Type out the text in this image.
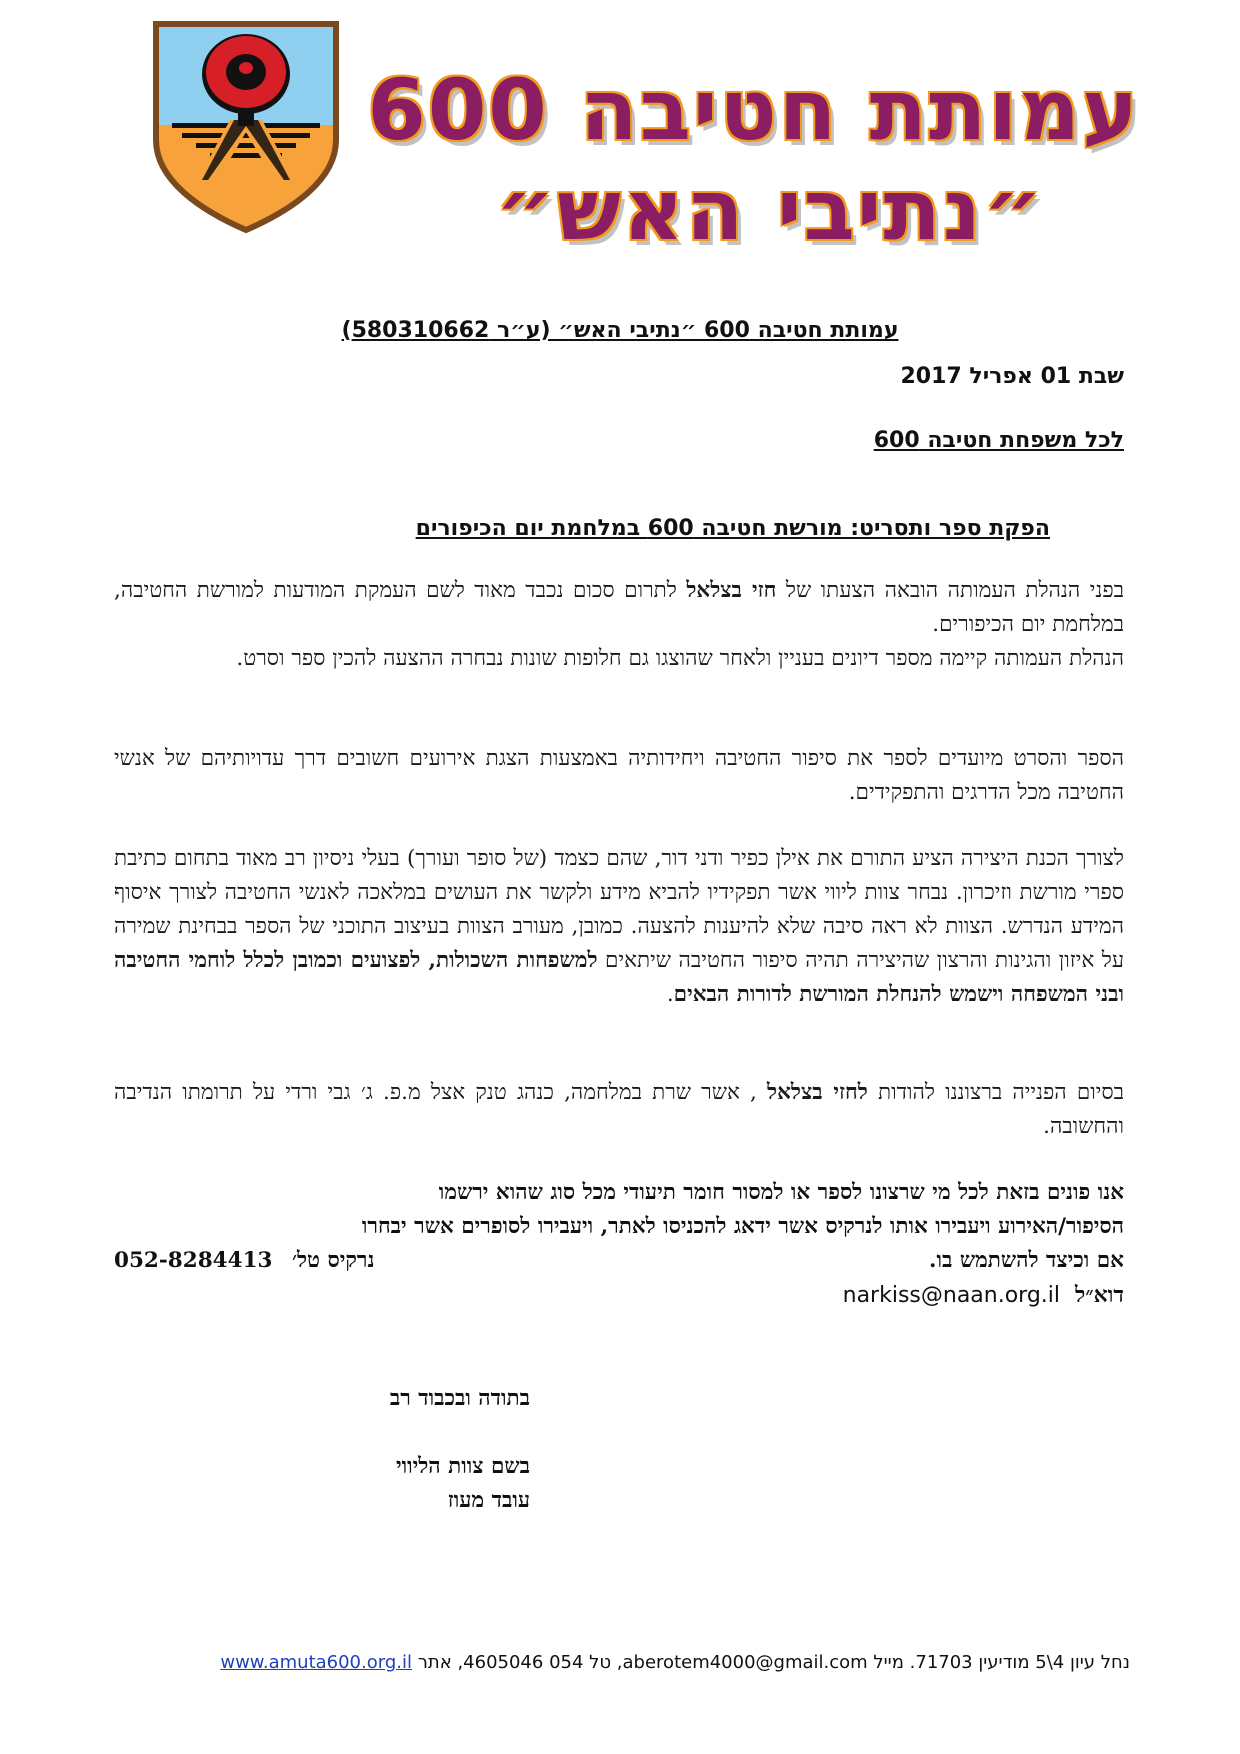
עמותת חטיבה 600
״נתיבי האש״
עמותת חטיבה 600 ״נתיבי האש״ (ע״ר 580310662)
שבת 01 אפריל 2017
לכל משפחת חטיבה 600
הפקת ספר ותסריט: מורשת חטיבה 600 במלחמת יום הכיפורים

בפני הנהלת העמותה הובאה הצעתו של חזי בצלאל לתרום סכום נכבד מאוד לשם העמקת המודעות למורשת החטיבה, במלחמת יום הכיפורים.

הנהלת העמותה קיימה מספר דיונים בעניין ולאחר שהוצגו גם חלופות שונות נבחרה ההצעה להכין ספר וסרט.

הספר והסרט מיועדים לספר את סיפור החטיבה ויחידותיה באמצעות הצגת אירועים חשובים דרך עדויותיהם של אנשי החטיבה מכל הדרגים והתפקידים.

לצורך הכנת היצירה הציע התורם את אילן כפיר ודני דור, שהם כצמד (של סופר ועורך) בעלי ניסיון רב מאוד בתחום כתיבת ספרי מורשת וזיכרון. נבחר צוות ליווי אשר תפקידיו להביא מידע ולקשר את העושים במלאכה לאנשי החטיבה לצורך איסוף המידע הנדרש. הצוות לא ראה סיבה שלא להיענות להצעה. כמובן, מעורב הצוות בעיצוב התוכני של הספר בבחינת שמירה על איזון והגינות והרצון שהיצירה תהיה סיפור החטיבה שיתאים למשפחות השכולות, לפצועים וכמובן לכלל לוחמי החטיבה ובני המשפחה וישמש להנחלת המורשת לדורות הבאים.

בסיום הפנייה ברצוננו להודות לחזי בצלאל , אשר שרת במלחמה, כנהג טנק אצל מ.פ. ג׳ גבי ורדי על תרומתו הנדיבה והחשובה.

אנו פונים בזאת לכל מי שרצונו לספר או למסור חומר תיעודי מכל סוג שהוא ירשמו
הסיפור/האירוע ויעבירו אותו לנרקיס אשר ידאג להכניסו לאתר, ויעבירו לסופרים אשר יבחרו
אם וכיצד להשתמש בו.
נרקיס טל׳ 052-8284413
דוא״ל narkiss@naan.org.il
בתודה ובכבוד רב
בשם צוות הליווי
עובד מעוז
נחל עיון 4\5 מודיעין 71703. מייל aberotem4000@gmail.com, טל 054 4605046, אתר www.amuta600.org.il
